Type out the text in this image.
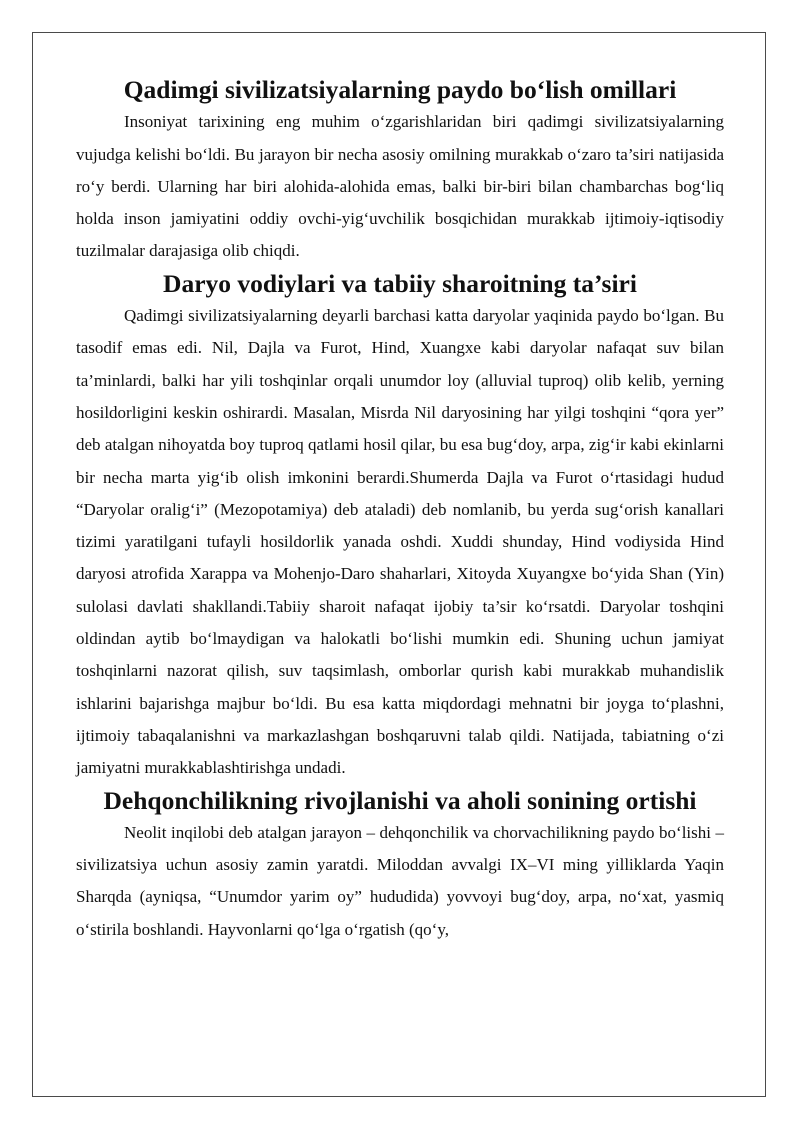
Qadimgi sivilizatsiyalarning paydo bo‘lish omillari

Insoniyat tarixining eng muhim o‘zgarishlaridan biri qadimgi sivilizatsiyalarning vujudga kelishi bo‘ldi. Bu jarayon bir necha asosiy omilning murakkab o‘zaro ta’siri natijasida ro‘y berdi. Ularning har biri alohida-alohida emas, balki bir-biri bilan chambarchas bog‘liq holda inson jamiyatini oddiy ovchi-yig‘uvchilik bosqichidan murakkab ijtimoiy-iqtisodiy tuzilmalar darajasiga olib chiqdi.

Daryo vodiylari va tabiiy sharoitning ta’siri

Qadimgi sivilizatsiyalarning deyarli barchasi katta daryolar yaqinida paydo bo‘lgan. Bu tasodif emas edi. Nil, Dajla va Furot, Hind, Xuangxe kabi daryolar nafaqat suv bilan ta’minlardi, balki har yili toshqinlar orqali unumdor loy (alluvial tuproq) olib kelib, yerning hosildorligini keskin oshirardi. Masalan, Misrda Nil daryosining har yilgi toshqini “qora yer” deb atalgan nihoyatda boy tuproq qatlami hosil qilar, bu esa bug‘doy, arpa, zig‘ir kabi ekinlarni bir necha marta yig‘ib olish imkonini berardi.Shumerda Dajla va Furot o‘rtasidagi hudud “Daryolar oralig‘i” (Mezopotamiya) deb ataladi) deb nomlanib, bu yerda sug‘orish kanallari tizimi yaratilgani tufayli hosildorlik yanada oshdi. Xuddi shunday, Hind vodiysida Hind daryosi atrofida Xarappa va Mohenjo-Daro shaharlari, Xitoyda Xuyangxe bo‘yida Shan (Yin) sulolasi davlati shakllandi.Tabiiy sharoit nafaqat ijobiy ta’sir ko‘rsatdi. Daryolar toshqini oldindan aytib bo‘lmaydigan va halokatli bo‘lishi mumkin edi. Shuning uchun jamiyat toshqinlarni nazorat qilish, suv taqsimlash, omborlar qurish kabi murakkab muhandislik ishlarini bajarishga majbur bo‘ldi. Bu esa katta miqdordagi mehnatni bir joyga to‘plashni, ijtimoiy tabaqalanishni va markazlashgan boshqaruvni talab qildi. Natijada, tabiatning o‘zi jamiyatni murakkablashtirishga undadi.

Dehqonchilikning rivojlanishi va aholi sonining ortishi

Neolit inqilobi deb atalgan jarayon – dehqonchilik va chorvachilikning paydo bo‘lishi – sivilizatsiya uchun asosiy zamin yaratdi. Miloddan avvalgi IX–VI ming yilliklarda Yaqin Sharqda (ayniqsa, “Unumdor yarim oy” hududida) yovvoyi bug‘doy, arpa, no‘xat, yasmiq o‘stirila boshlandi. Hayvonlarni qo‘lga o‘rgatish (qo‘y,
